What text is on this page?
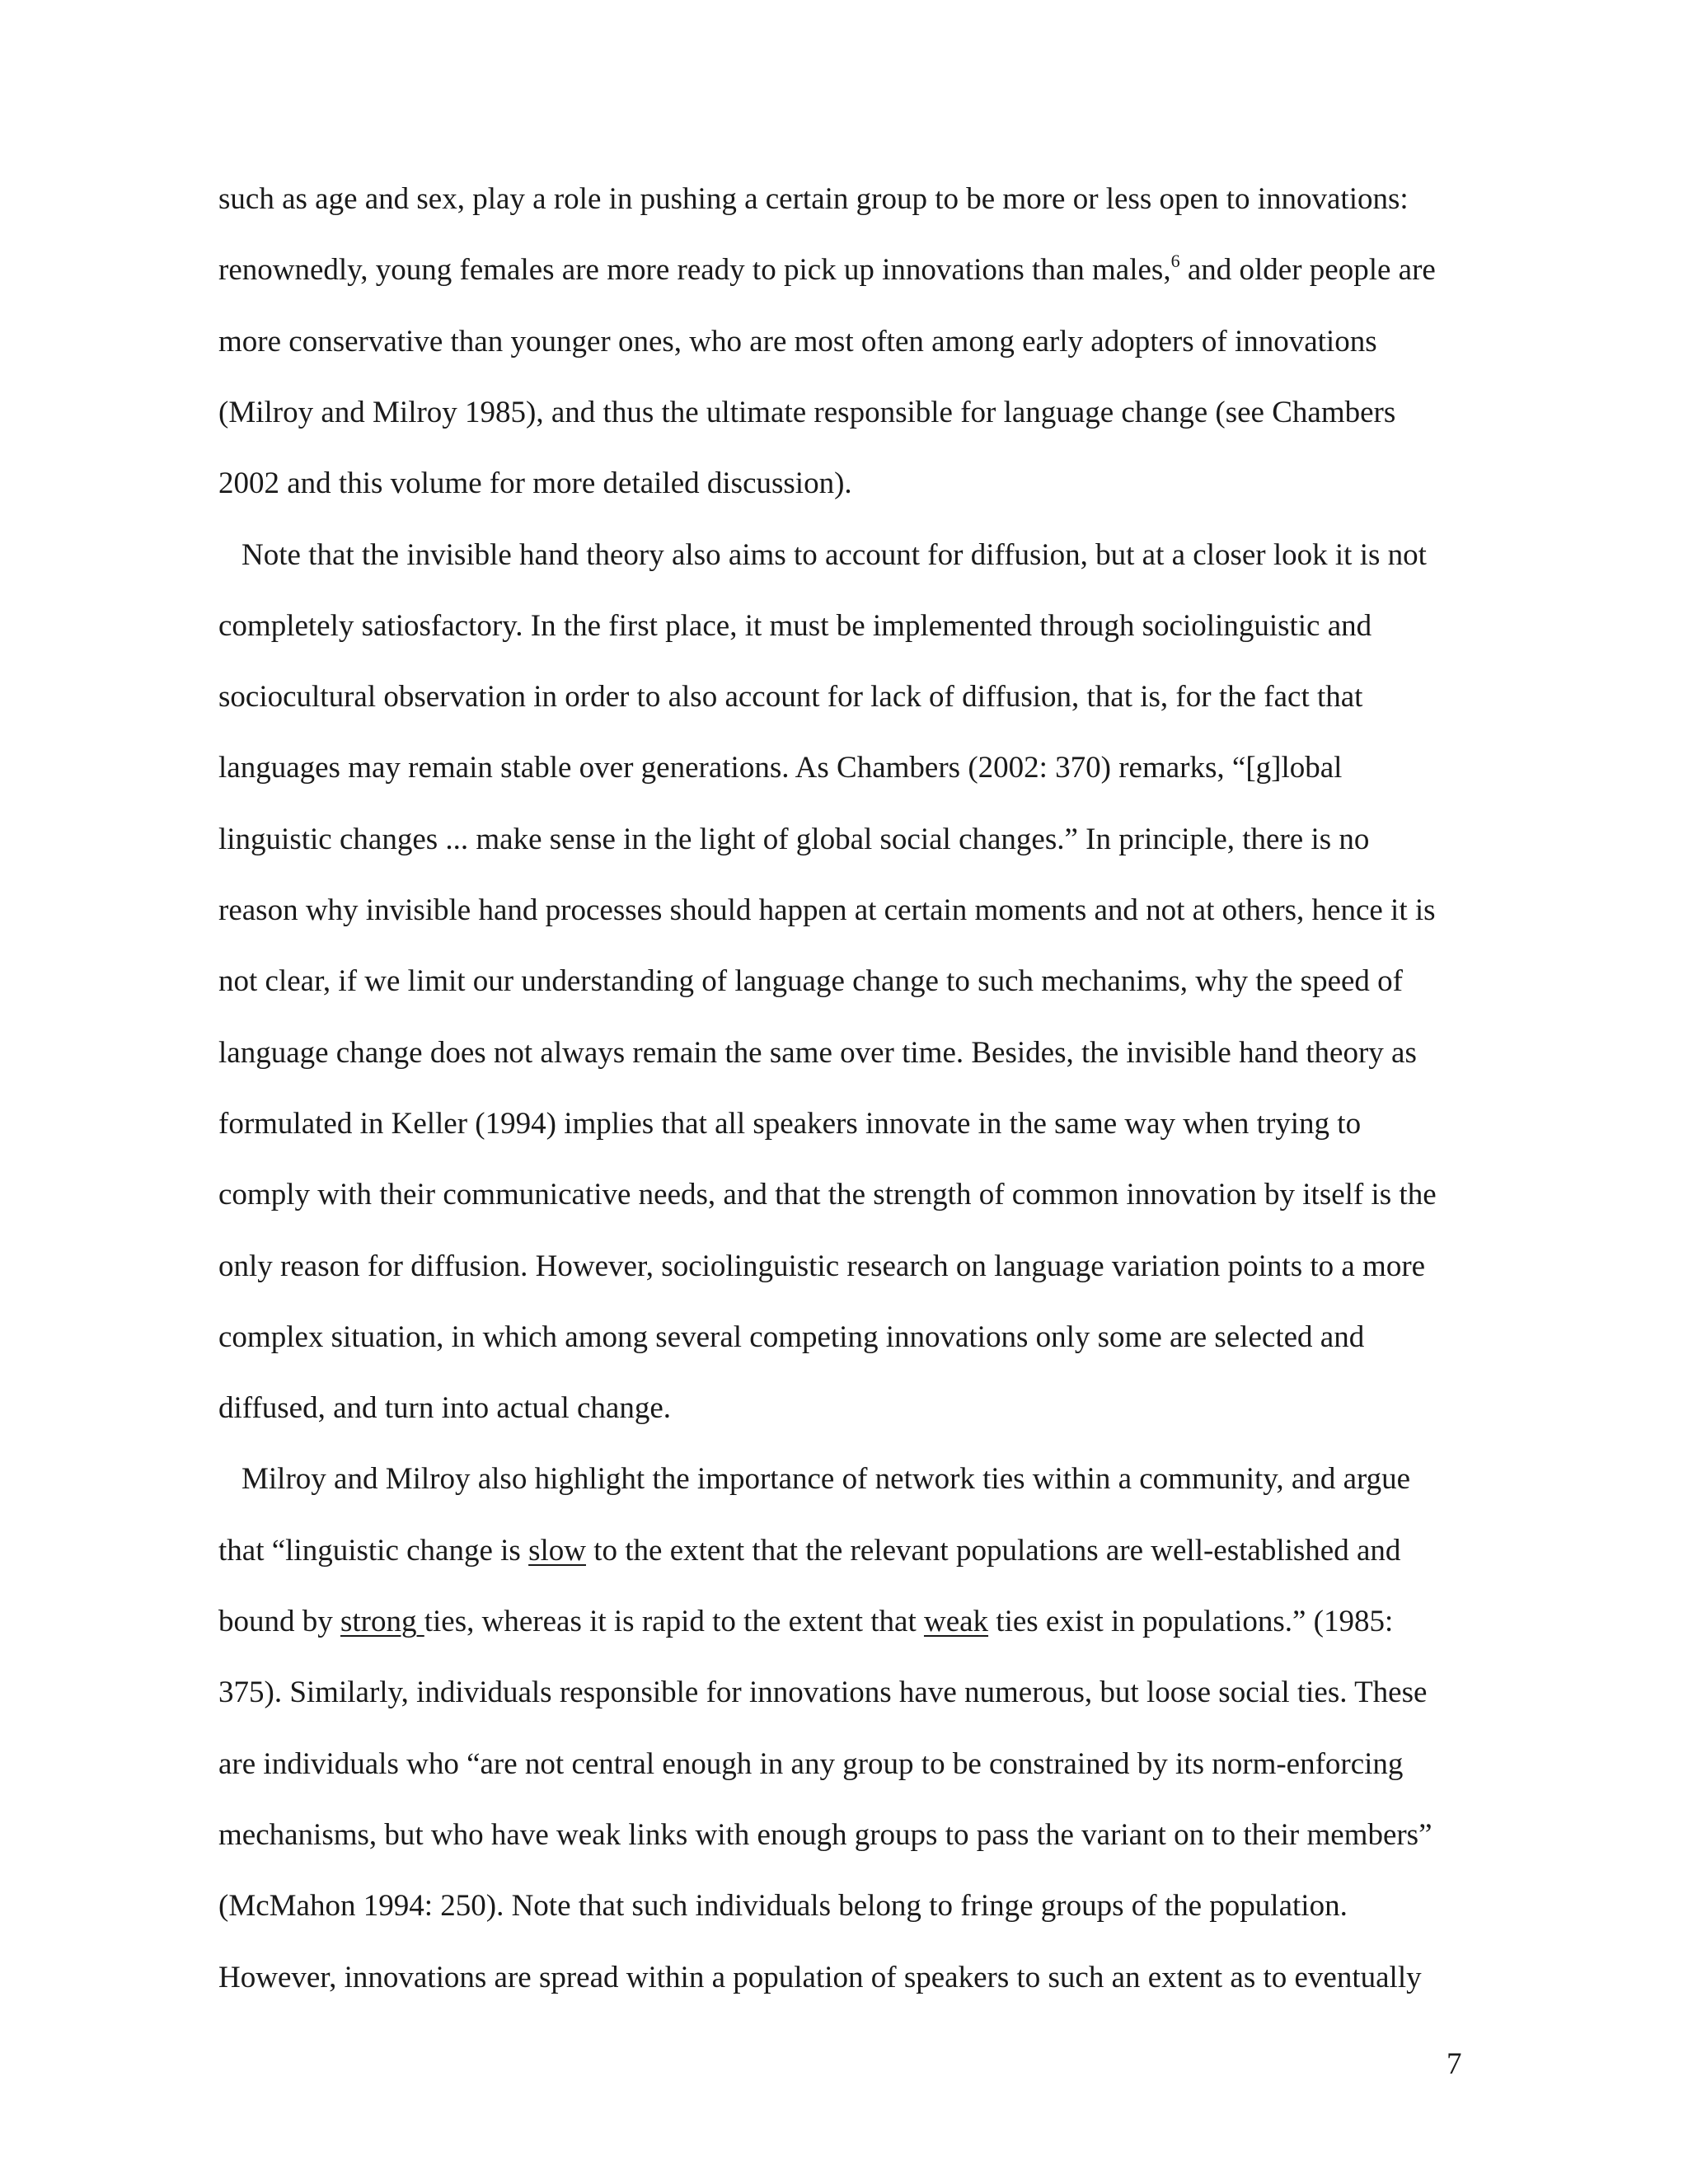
such as age and sex, play a role in pushing a certain group to be more or less open to innovations:
renownedly, young females are more ready to pick up innovations than males,$^6$ and older people are
more conservative than younger ones, who are most often among early adopters of innovations
(Milroy and Milroy 1985), and thus the ultimate responsible for language change (see Chambers
2002 and this volume for more detailed discussion).
Note that the invisible hand theory also aims to account for diffusion, but at a closer look it is not
completely satiosfactory. In the first place, it must be implemented through sociolinguistic and
sociocultural observation in order to also account for lack of diffusion, that is, for the fact that
languages may remain stable over generations. As Chambers (2002: 370) remarks, “[g]lobal
linguistic changes ... make sense in the light of global social changes.” In principle, there is no
reason why invisible hand processes should happen at certain moments and not at others, hence it is
not clear, if we limit our understanding of language change to such mechanims, why the speed of
language change does not always remain the same over time. Besides, the invisible hand theory as
formulated in Keller (1994) implies that all speakers innovate in the same way when trying to
comply with their communicative needs, and that the strength of common innovation by itself is the
only reason for diffusion. However, sociolinguistic research on language variation points to a more
complex situation, in which among several competing innovations only some are selected and
diffused, and turn into actual change.
Milroy and Milroy also highlight the importance of network ties within a community, and argue
that “linguistic change is slow to the extent that the relevant populations are well-established and
bound by strong ties, whereas it is rapid to the extent that weak ties exist in populations.” (1985:
375). Similarly, individuals responsible for innovations have numerous, but loose social ties. These
are individuals who “are not central enough in any group to be constrained by its norm-enforcing
mechanisms, but who have weak links with enough groups to pass the variant on to their members”
(McMahon 1994: 250). Note that such individuals belong to fringe groups of the population.
However, innovations are spread within a population of speakers to such an extent as to eventually
7
